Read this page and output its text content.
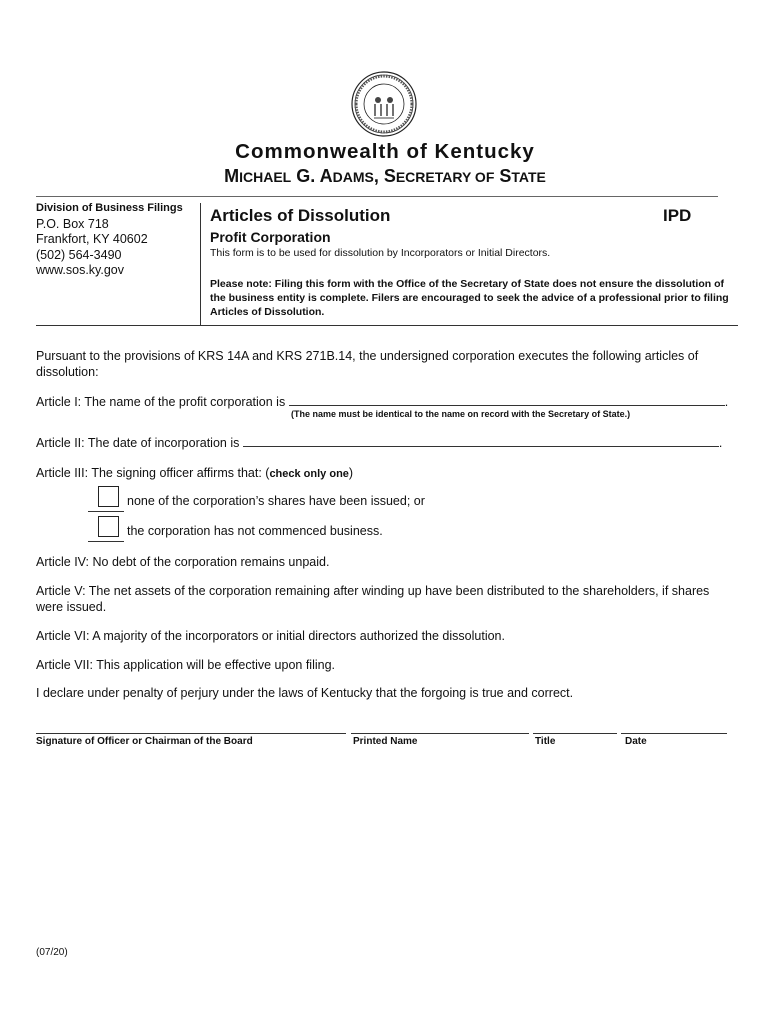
Commonwealth of Kentucky
MICHAEL G. ADAMS, SECRETARY OF STATE
Division of Business Filings
P.O. Box 718
Frankfort, KY 40602
(502) 564-3490
www.sos.ky.gov
Articles of Dissolution	IPD
Profit Corporation
This form is to be used for dissolution by Incorporators or Initial Directors.
Please note: Filing this form with the Office of the Secretary of State does not ensure the dissolution of the business entity is complete. Filers are encouraged to seek the advice of a professional prior to filing Articles of Dissolution.
Pursuant to the provisions of KRS 14A and KRS 271B.14, the undersigned corporation executes the following articles of dissolution:
Article I: The name of the profit corporation is	.
(The name must be identical to the name on record with the Secretary of State.)
Article II: The date of incorporation is	.
Article III: The signing officer affirms that: (check only one)
none of the corporation’s shares have been issued; or
the corporation has not commenced business.
Article IV: No debt of the corporation remains unpaid.
Article V: The net assets of the corporation remaining after winding up have been distributed to the shareholders, if shares were issued.
Article VI: A majority of the incorporators or initial directors authorized the dissolution.
Article VII: This application will be effective upon filing.
I declare under penalty of perjury under the laws of Kentucky that the forgoing is true and correct.
Signature of Officer or Chairman of the Board	Printed Name	Title	Date
(07/20)
